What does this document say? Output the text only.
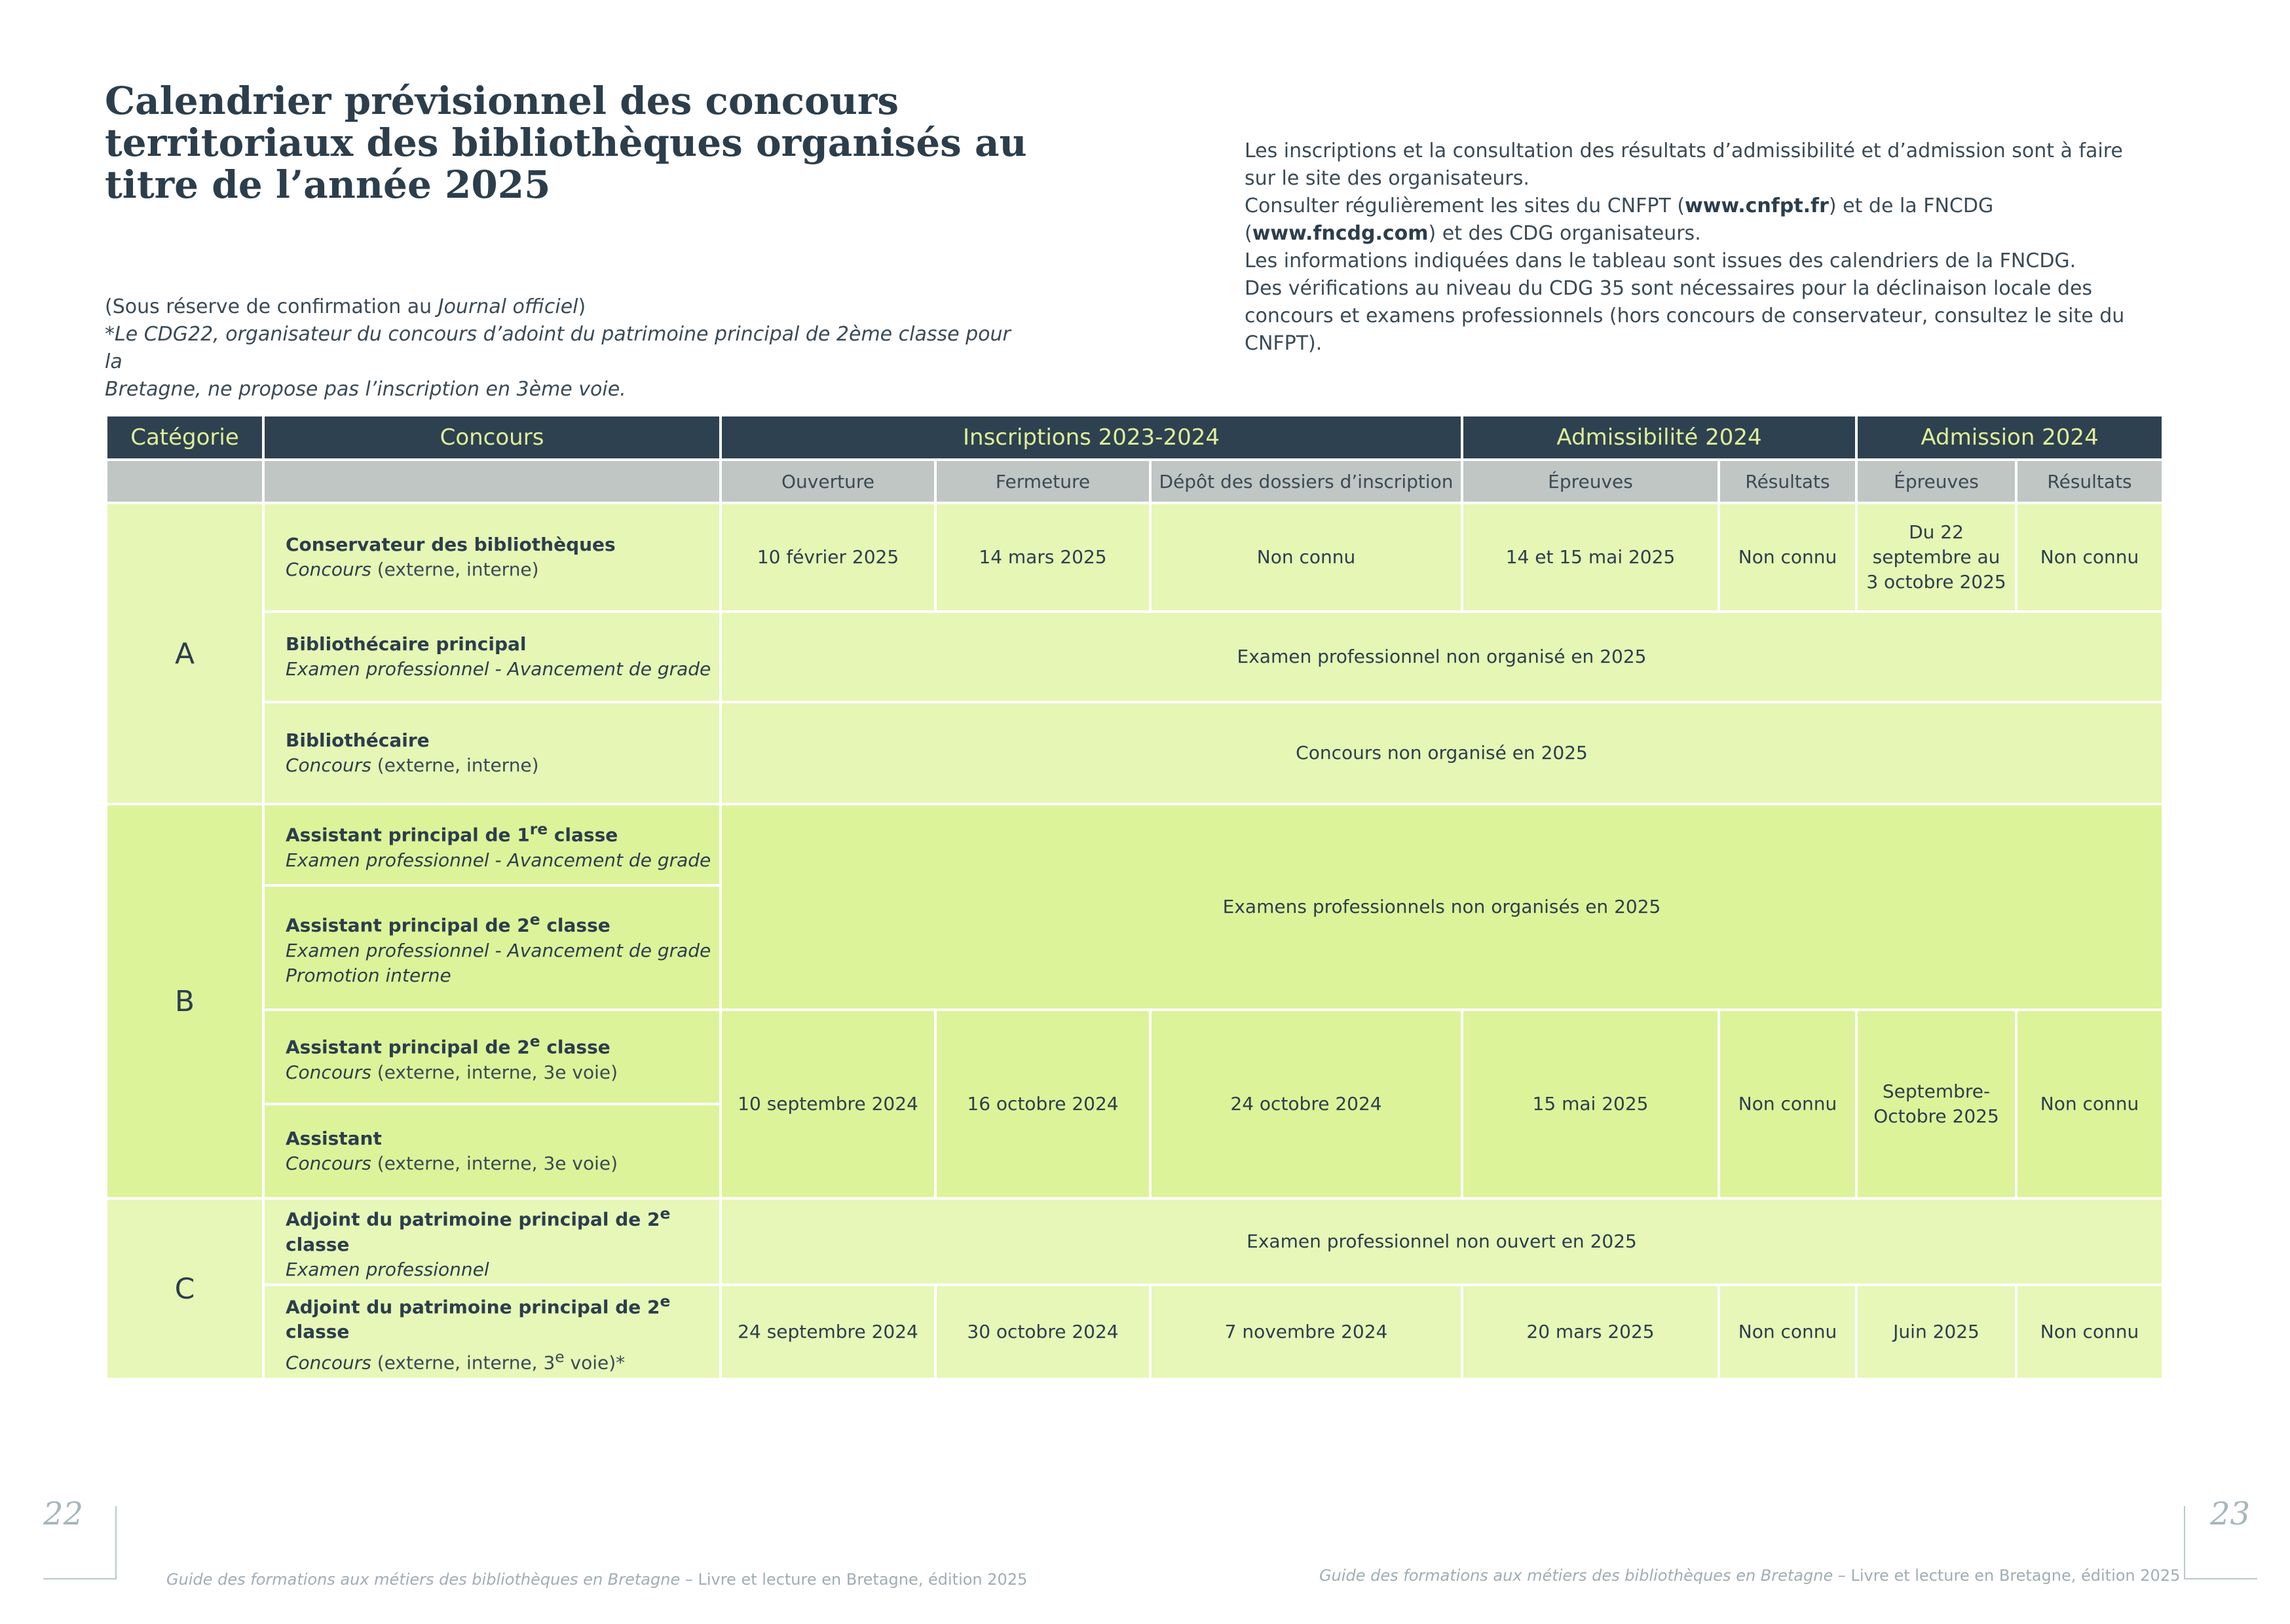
Calendrier prévisionnel des concours territoriaux des bibliothèques organisés au titre de l’année 2025
(Sous réserve de confirmation au Journal officiel)
*Le CDG22, organisateur du concours d’adoint du patrimoine principal de 2ème classe pour la
Bretagne, ne propose pas l’inscription en 3ème voie.

Les inscriptions et la consultation des résultats d’admissibilité et d’admission sont à faire sur le site des organisateurs.

Consulter régulièrement les sites du CNFPT (www.cnfpt.fr) et de la FNCDG (www.fncdg.com) et des CDG organisateurs.

Les informations indiquées dans le tableau sont issues des calendriers de la FNCDG.

Des vérifications au niveau du CDG 35 sont nécessaires pour la déclinaison locale des concours et examens professionnels (hors concours de conservateur, consultez le site du CNFPT).

Catégorie	Concours	Inscriptions 2023-2024			Admissibilité 2024		Admission 2024	
		Ouverture	Fermeture	Dépôt des dossiers d’inscription	Épreuves	Résultats	Épreuves	Résultats
A	Conservateur des bibliothèques
Concours (externe, interne)	10 février 2025	14 mars 2025	Non connu	14 et 15 mai 2025	Non connu	Du 22 septembre au 3 octobre 2025	Non connu

	Bibliothécaire principal
Examen professionnel - Avancement de grade	Examen professionnel non organisé en 2025						

	Bibliothécaire
Concours (externe, interne)	Concours non organisé en 2025						
B	Assistant principal de 1re classe
Examen professionnel - Avancement de grade	Examens professionnels non organisés en 2025						

	Assistant principal de 2e classe
Examen professionnel - Avancement de grade
Promotion interne							

	Assistant principal de 2e classe
Concours (externe, interne, 3e voie)	10 septembre 2024	16 octobre 2024	24 octobre 2024	15 mai 2025	Non connu	Septembre-Octobre 2025	Non connu

	Assistant
Concours (externe, interne, 3e voie)							

C	Adjoint du patrimoine principal de 2e classe
Examen professionnel	Examen professionnel non ouvert en 2025						

	Adjoint du patrimoine principal de 2e classe
Concours (externe, interne, 3e voie)*	24 septembre 2024	30 octobre 2024	7 novembre 2024	20 mars 2025	Non connu	Juin 2025	Non connu
22
Guide des formations aux métiers des bibliothèques en Bretagne – Livre et lecture en Bretagne, édition 2025
23
Guide des formations aux métiers des bibliothèques en Bretagne – Livre et lecture en Bretagne, édition 2025
